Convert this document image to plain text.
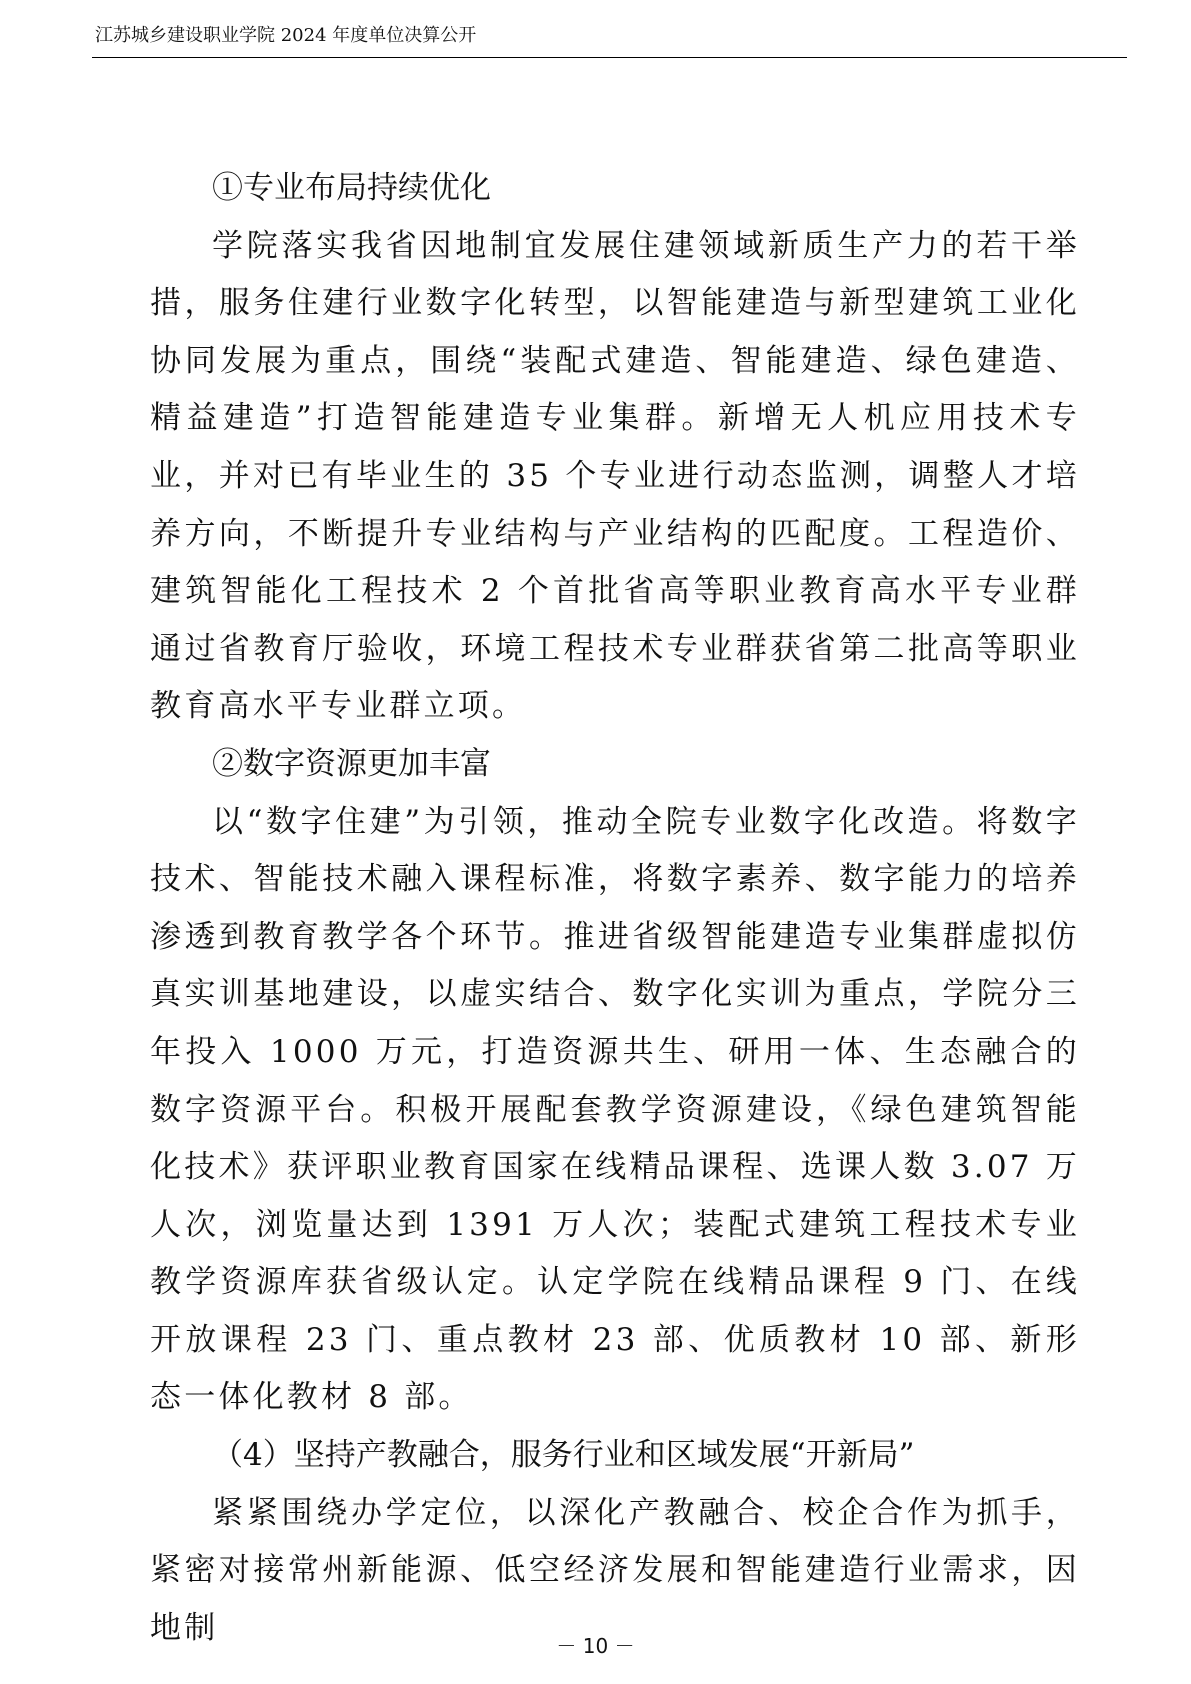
江苏城乡建设职业学院 2024 年度单位决算公开

①专业布局持续优化

学院落实我省因地制宜发展住建领域新质生产力的若干举措，服务住建行业数字化转型，以智能建造与新型建筑工业化协同发展为重点，围绕“装配式建造、智能建造、绿色建造、精益建造”打造智能建造专业集群。新增无人机应用技术专业，并对已有毕业生的 35 个专业进行动态监测，调整人才培养方向，不断提升专业结构与产业结构的匹配度。工程造价、建筑智能化工程技术 2 个首批省高等职业教育高水平专业群通过省教育厅验收，环境工程技术专业群获省第二批高等职业教育高水平专业群立项。

②数字资源更加丰富

以“数字住建”为引领，推动全院专业数字化改造。将数字技术、智能技术融入课程标准，将数字素养、数字能力的培养渗透到教育教学各个环节。推进省级智能建造专业集群虚拟仿真实训基地建设，以虚实结合、数字化实训为重点，学院分三年投入 1000 万元，打造资源共生、研用一体、生态融合的数字资源平台。积极开展配套教学资源建设，《绿色建筑智能化技术》获评职业教育国家在线精品课程、选课人数 3.07 万人次，浏览量达到 1391 万人次；装配式建筑工程技术专业教学资源库获省级认定。认定学院在线精品课程 9 门、在线开放课程 23 门、重点教材 23 部、优质教材 10 部、新形态一体化教材 8 部。

（4）坚持产教融合，服务行业和区域发展“开新局”

紧紧围绕办学定位，以深化产教融合、校企合作为抓手，紧密对接常州新能源、低空经济发展和智能建造行业需求，因地制

－ 10 －
